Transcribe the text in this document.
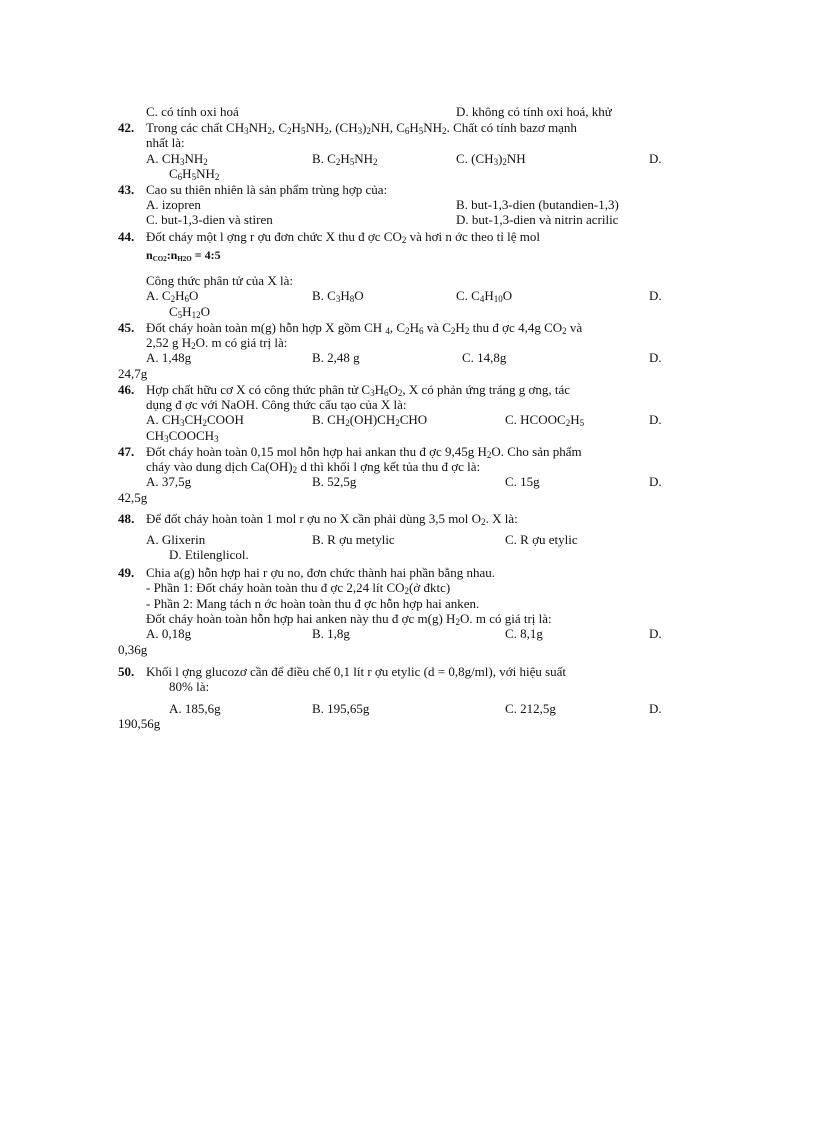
C. có tính oxi hoá	D. không có tính oxi hoá, khử
42. Trong các chất $CH_3NH_2$, $C_2H_5NH_2$, $(CH_3)_2NH$, $C_6H_5NH_2$. Chất có tính bazơ mạnh
nhất là:
A. $CH_3NH_2$	B. $C_2H_5NH_2$	C. $(CH_3)_2NH$	D.
$C_6H_5NH_2$
43. Cao su thiên nhiên là sản phẩm trùng hợp của:
A. izopren	B. but-1,3-dien (butandien-1,3)
C. but-1,3-dien và stiren	D. but-1,3-dien và nitrin acrilic
44. Đốt cháy một l ợng r ợu đơn chức X thu đ ợc $CO_2$ và hơi n ớc theo tỉ lệ mol
$n_{CO2}:n_{H2O}$ = 4:5
Công thức phân tử của X là:
A. $C_2H_6O$	B. $C_3H_8O$	C. $C_4H_{10}O$	D.
$C_5H_{12}O$
45. Đốt cháy hoàn toàn m(g) hỗn hợp X gồm CH $_4$, $C_2H_6$ và $C_2H_2$ thu đ ợc 4,4g $CO_2$ và
2,52 g $H_2O$. m có giá trị là:
A. 1,48g	B. 2,48 g	C. 14,8g	D.
24,7g
46. Hợp chất hữu cơ X có công thức phân tử $C_3H_6O_2$, X có phản ứng tráng g ơng, tác
dụng đ ợc với NaOH. Công thức cấu tạo của X là:
A. $CH_3CH_2COOH$	B. $CH_2(OH)CH_2CHO$	C. $HCOOC_2H_5$	D.
$CH_3COOCH_3$
47. Đốt cháy hoàn toàn 0,15 mol hỗn hợp hai ankan thu đ ợc 9,45g $H_2O$. Cho sản phẩm
cháy vào dung dịch $Ca(OH)_2$ d thì khối l ợng kết tủa thu đ ợc là:
A. 37,5g	B. 52,5g	C. 15g	D.
42,5g
48. Để đốt cháy hoàn toàn 1 mol r ợu no X cần phải dùng 3,5 mol $O_2$. X là:
A. Glixerin	B. R ợu metylic	C. R ợu etylic
D. Etilenglicol.
49. Chia a(g) hỗn hợp hai r ợu no, đơn chức thành hai phần bằng nhau.
- Phần 1: Đốt cháy hoàn toàn thu đ ợc 2,24 lít $CO_2(ở$ đktc)
- Phần 2: Mang tách n ớc hoàn toàn thu đ ợc hỗn hợp hai anken.
Đốt cháy hoàn toàn hỗn hợp hai anken này thu đ ợc m(g) $H_2O$. m có giá trị là:
A. 0,18g	B. 1,8g	C. 8,1g	D.
0,36g
50. Khối l ợng glucozơ cần để điều chế 0,1 lít r ợu etylic (d = 0,8g/ml), với hiệu suất
80% là:
A. 185,6g	B. 195,65g	C. 212,5g	D.
190,56g
